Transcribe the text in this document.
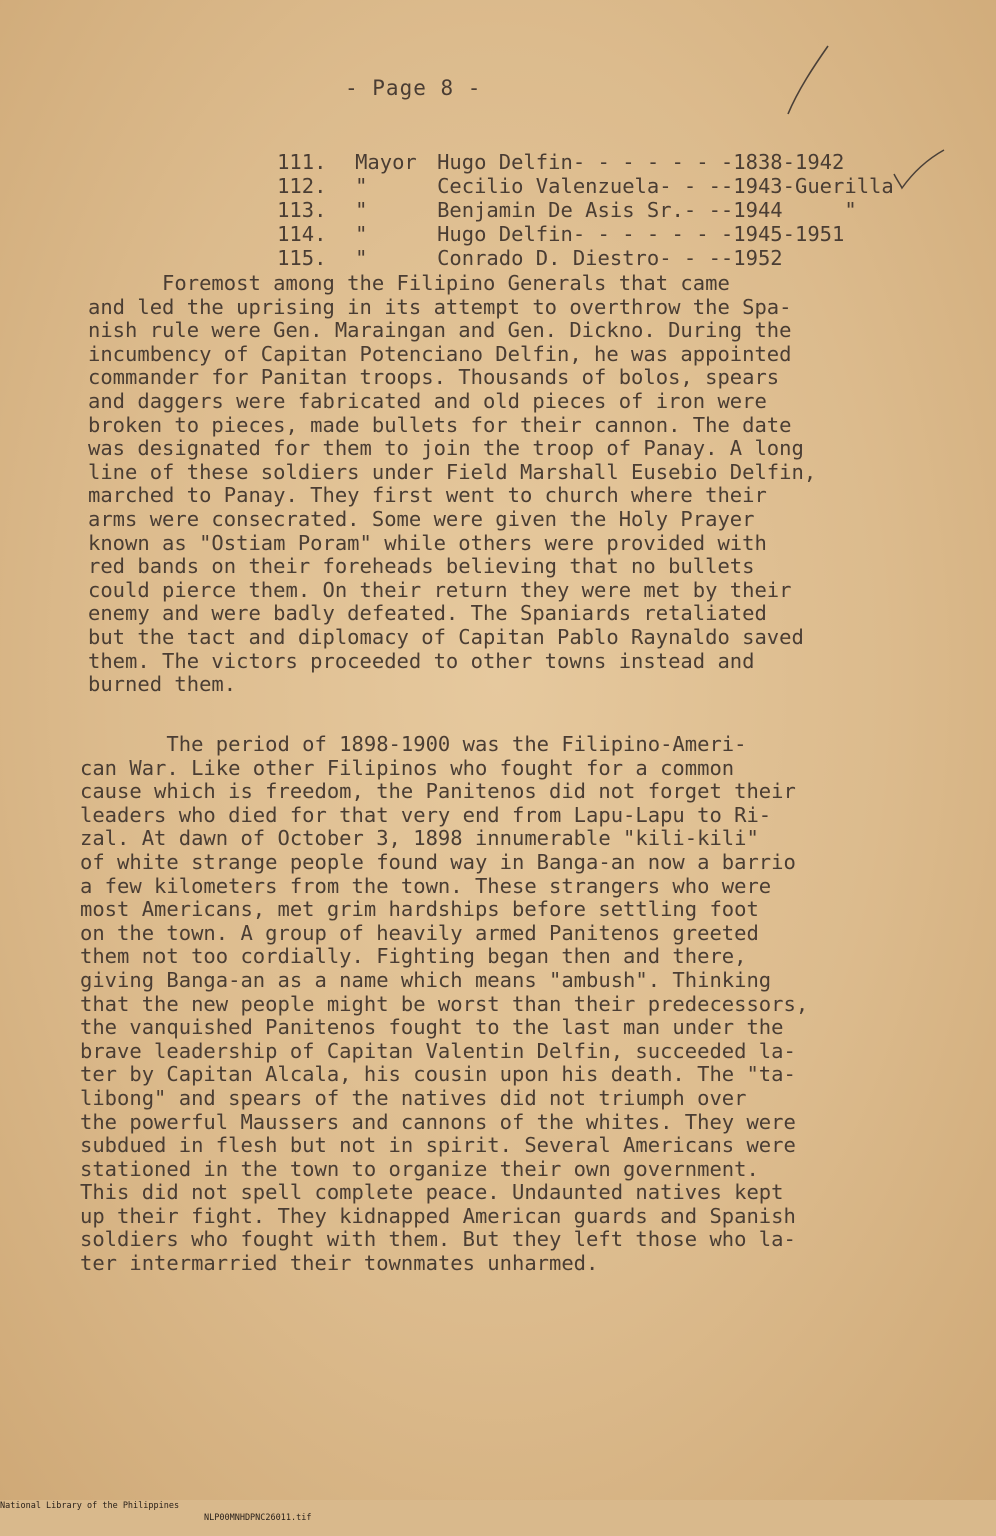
- Page 8 -

111. Mayor Hugo Delfin- - - - - - -1838-1942

112. "	Cecilio Valenzuela- - --1943-Guerilla

113. "	Benjamin De Asis Sr.- --1944     "

114. "	Hugo Delfin- - - - - - -1945-1951

115. "	Conrado D. Diestro- - --1952

Foremost among the Filipino Generals that came
and led the uprising in its attempt to overthrow the Spa-
nish rule were Gen. Maraingan and Gen. Dickno. During the
incumbency of Capitan Potenciano Delfin, he was appointed
commander for Panitan troops. Thousands of bolos, spears
and daggers were fabricated and old pieces of iron were
broken to pieces, made bullets for their cannon. The date
was designated for them to join the troop of Panay. A long
line of these soldiers under Field Marshall Eusebio Delfin,
marched to Panay. They first went to church where their
arms were consecrated. Some were given the Holy Prayer
known as "Ostiam Poram" while others were provided with
red bands on their foreheads believing that no bullets
could pierce them. On their return they were met by their
enemy and were badly defeated. The Spaniards retaliated
but the tact and diplomacy of Capitan Pablo Raynaldo saved
them. The victors proceeded to other towns instead and
burned them.
The period of 1898-1900 was the Filipino-Ameri-
can War. Like other Filipinos who fought for a common
cause which is freedom, the Panitenos did not forget their
leaders who died for that very end from Lapu-Lapu to Ri-
zal. At dawn of October 3, 1898 innumerable "kili-kili"
of white strange people found way in Banga-an now a barrio
a few kilometers from the town. These strangers who were
most Americans, met grim hardships before settling foot
on the town. A group of heavily armed Panitenos greeted
them not too cordially. Fighting began then and there,
giving Banga-an as a name which means "ambush". Thinking
that the new people might be worst than their predecessors,
the vanquished Panitenos fought to the last man under the
brave leadership of Capitan Valentin Delfin, succeeded la-
ter by Capitan Alcala, his cousin upon his death. The "ta-
libong" and spears of the natives did not triumph over
the powerful Maussers and cannons of the whites. They were
subdued in flesh but not in spirit. Several Americans were
stationed in the town to organize their own government.
This did not spell complete peace. Undaunted natives kept
up their fight. They kidnapped American guards and Spanish
soldiers who fought with them. But they left those who la-
ter intermarried their townmates unharmed.

National Library of the Philippines

NLP00MNHDPNC26011.tif
